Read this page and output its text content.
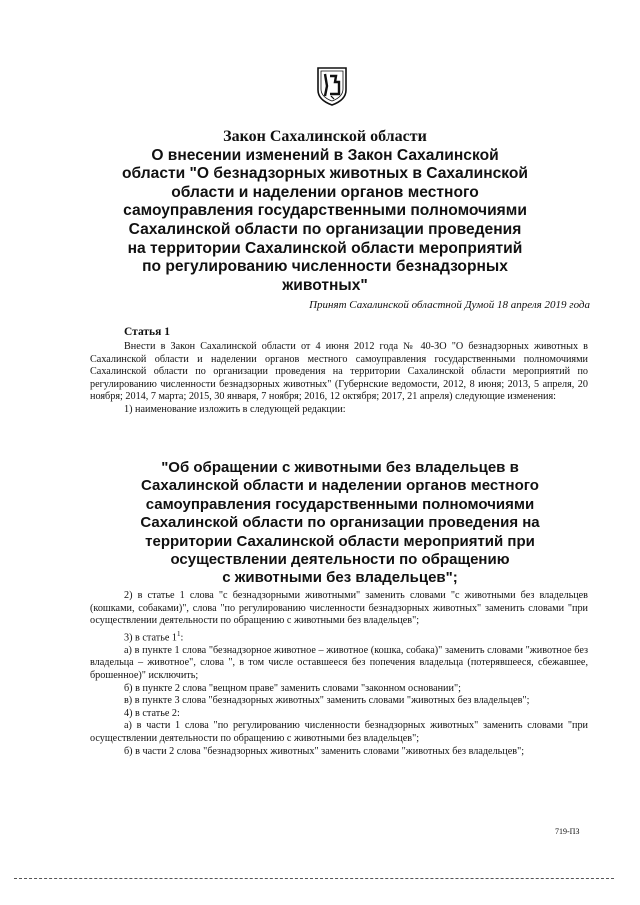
Закон Сахалинской области
О внесении изменений в Закон Сахалинской
области "О безнадзорных животных в Сахалинской
области и наделении органов местного
самоуправления государственными полномочиями
Сахалинской области по организации проведения
на территории Сахалинской области мероприятий
по регулированию численности безнадзорных
животных"
Принят Сахалинской областной Думой 18 апреля 2019 года
Статья 1

Внести в Закон Сахалинской области от 4 июня 2012 года № 40-ЗО "О безнадзорных животных в Сахалинской области и наделении органов местного самоуправления государственными полномочиями Сахалинской области по организации проведения на территории Сахалинской области мероприятий по регулированию численности безнадзорных животных" (Губернские ведомости, 2012, 8 июня; 2013, 5 апреля, 20 ноября; 2014, 7 марта; 2015, 30 января, 7 ноября; 2016, 12 октября; 2017, 21 апреля) следующие изменения:

1) наименование изложить в следующей редакции:

"Об обращении с животными без владельцев в
Сахалинской области и наделении органов местного
самоуправления государственными полномочиями
Сахалинской области по организации проведения на
территории Сахалинской области мероприятий при
осуществлении деятельности по обращению
с животными без владельцев";

2) в статье 1 слова "с безнадзорными животными" заменить словами "с животными без владельцев (кошками, собаками)", слова "по регулированию численности безнадзорных животных" заменить словами "при осуществлении деятельности по обращению с животными без владельцев";

3) в статье $1^1$:

а) в пункте 1 слова "безнадзорное животное – животное (кошка, собака)" заменить словами "животное без владельца – животное", слова ", в том числе оставшееся без попечения владельца (потерявшееся, сбежавшее, брошенное)" исключить;

б) в пункте 2 слова "вещном праве" заменить словами "законном основании";

в) в пункте 3 слова "безнадзорных животных" заменить словами "животных без владельцев";

4) в статье 2:

а) в части 1 слова "по регулированию численности безнадзорных животных" заменить словами "при осуществлении деятельности по обращению с животными без владельцев";

б) в части 2 слова "безнадзорных животных" заменить словами "животных без владельцев";

719-ПЗ
